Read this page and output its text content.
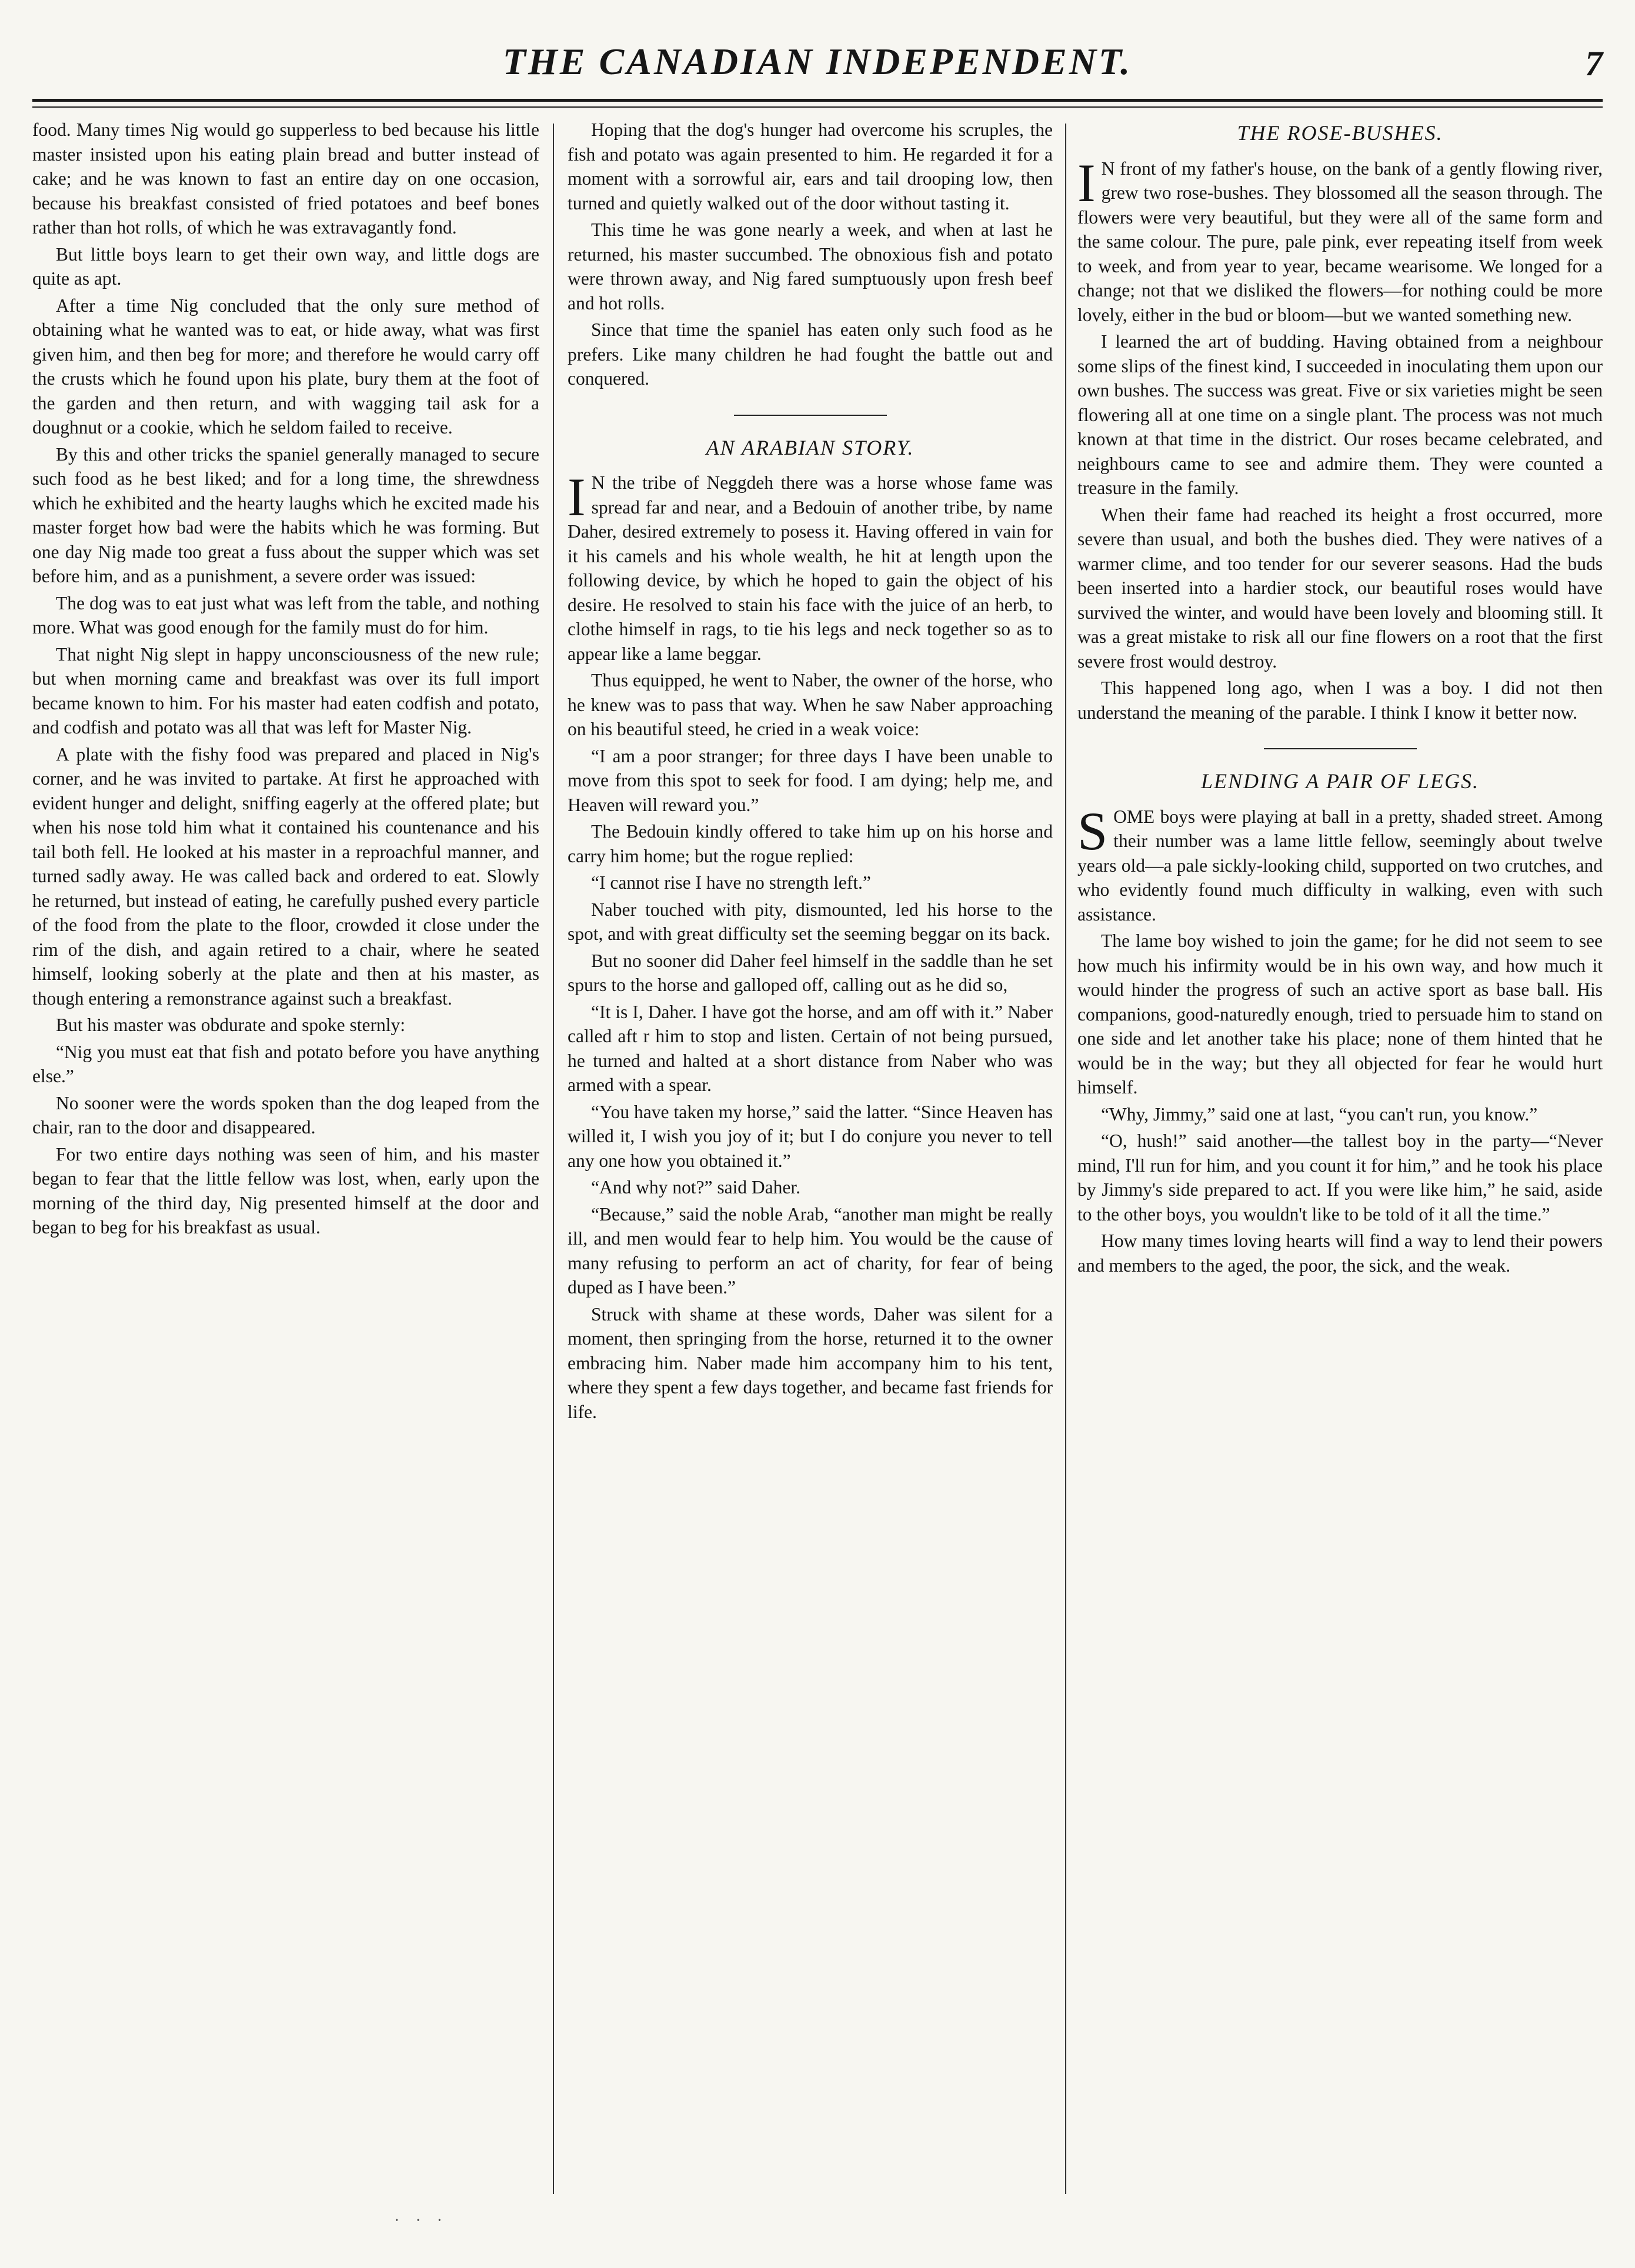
THE CANADIAN INDEPENDENT.	7

food. Many times Nig would go supperless to bed because his little master insisted upon his eating plain bread and butter instead of cake; and he was known to fast an entire day on one occasion, because his breakfast consisted of fried potatoes and beef bones rather than hot rolls, of which he was extravagantly fond.

But little boys learn to get their own way, and little dogs are quite as apt.

After a time Nig concluded that the only sure method of obtaining what he wanted was to eat, or hide away, what was first given him, and then beg for more; and therefore he would carry off the crusts which he found upon his plate, bury them at the foot of the garden and then return, and with wagging tail ask for a doughnut or a cookie, which he seldom failed to receive.

By this and other tricks the spaniel generally managed to secure such food as he best liked; and for a long time, the shrewdness which he exhibited and the hearty laughs which he excited made his master forget how bad were the habits which he was forming. But one day Nig made too great a fuss about the supper which was set before him, and as a punishment, a severe order was issued:

The dog was to eat just what was left from the table, and nothing more. What was good enough for the family must do for him.

That night Nig slept in happy unconsciousness of the new rule; but when morning came and breakfast was over its full import became known to him. For his master had eaten codfish and potato, and codfish and potato was all that was left for Master Nig.

A plate with the fishy food was prepared and placed in Nig's corner, and he was invited to partake. At first he approached with evident hunger and delight, sniffing eagerly at the offered plate; but when his nose told him what it contained his countenance and his tail both fell. He looked at his master in a reproachful manner, and turned sadly away. He was called back and ordered to eat. Slowly he returned, but instead of eating, he carefully pushed every particle of the food from the plate to the floor, crowded it close under the rim of the dish, and again retired to a chair, where he seated himself, looking soberly at the plate and then at his master, as though entering a remonstrance against such a breakfast.

But his master was obdurate and spoke sternly:

“Nig you must eat that fish and potato before you have anything else.”

No sooner were the words spoken than the dog leaped from the chair, ran to the door and disappeared.

For two entire days nothing was seen of him, and his master began to fear that the little fellow was lost, when, early upon the morning of the third day, Nig presented himself at the door and began to beg for his breakfast as usual.

Hoping that the dog's hunger had overcome his scruples, the fish and potato was again presented to him. He regarded it for a moment with a sorrowful air, ears and tail drooping low, then turned and quietly walked out of the door without tasting it.

This time he was gone nearly a week, and when at last he returned, his master succumbed. The obnoxious fish and potato were thrown away, and Nig fared sumptuously upon fresh beef and hot rolls.

Since that time the spaniel has eaten only such food as he prefers. Like many children he had fought the battle out and conquered.

AN ARABIAN STORY.

I N the tribe of Neggdeh there was a horse whose fame was spread far and near, and a Bedouin of another tribe, by name Daher, desired extremely to posess it. Having offered in vain for it his camels and his whole wealth, he hit at length upon the following device, by which he hoped to gain the object of his desire. He resolved to stain his face with the juice of an herb, to clothe himself in rags, to tie his legs and neck together so as to appear like a lame beggar.

Thus equipped, he went to Naber, the owner of the horse, who he knew was to pass that way. When he saw Naber approaching on his beautiful steed, he cried in a weak voice:

“I am a poor stranger; for three days I have been unable to move from this spot to seek for food. I am dying; help me, and Heaven will reward you.”

The Bedouin kindly offered to take him up on his horse and carry him home; but the rogue replied:

“I cannot rise I have no strength left.”

Naber touched with pity, dismounted, led his horse to the spot, and with great difficulty set the seeming beggar on its back.

But no sooner did Daher feel himself in the saddle than he set spurs to the horse and galloped off, calling out as he did so,

“It is I, Daher. I have got the horse, and am off with it.” Naber called aft r him to stop and listen. Certain of not being pursued, he turned and halted at a short distance from Naber who was armed with a spear.

“You have taken my horse,” said the latter. “Since Heaven has willed it, I wish you joy of it; but I do conjure you never to tell any one how you obtained it.”

“And why not?” said Daher.

“Because,” said the noble Arab, “another man might be really ill, and men would fear to help him. You would be the cause of many refusing to perform an act of charity, for fear of being duped as I have been.”

Struck with shame at these words, Daher was silent for a moment, then springing from the horse, returned it to the owner embracing him. Naber made him accompany him to his tent, where they spent a few days together, and became fast friends for life.

THE ROSE-BUSHES.

I N front of my father's house, on the bank of a gently flowing river, grew two rose-bushes. They blossomed all the season through. The flowers were very beautiful, but they were all of the same form and the same colour. The pure, pale pink, ever repeating itself from week to week, and from year to year, became wearisome. We longed for a change; not that we disliked the flowers—for nothing could be more lovely, either in the bud or bloom—but we wanted something new.

I learned the art of budding. Having obtained from a neighbour some slips of the finest kind, I succeeded in inoculating them upon our own bushes. The success was great. Five or six varieties might be seen flowering all at one time on a single plant. The process was not much known at that time in the district. Our roses became celebrated, and neighbours came to see and admire them. They were counted a treasure in the family.

When their fame had reached its height a frost occurred, more severe than usual, and both the bushes died. They were natives of a warmer clime, and too tender for our severer seasons. Had the buds been inserted into a hardier stock, our beautiful roses would have survived the winter, and would have been lovely and blooming still. It was a great mistake to risk all our fine flowers on a root that the first severe frost would destroy.

This happened long ago, when I was a boy. I did not then understand the meaning of the parable. I think I know it better now.

LENDING A PAIR OF LEGS.

SOME boys were playing at ball in a pretty, shaded street. Among their number was a lame little fellow, seemingly about twelve years old—a pale sickly-looking child, supported on two crutches, and who evidently found much difficulty in walking, even with such assistance.

The lame boy wished to join the game; for he did not seem to see how much his infirmity would be in his own way, and how much it would hinder the progress of such an active sport as base ball. His companions, good-naturedly enough, tried to persuade him to stand on one side and let another take his place; none of them hinted that he would be in the way; but they all objected for fear he would hurt himself.

“Why, Jimmy,” said one at last, “you can't run, you know.”

“O, hush!” said another—the tallest boy in the party—“Never mind, I'll run for him, and you count it for him,” and he took his place by Jimmy's side prepared to act. If you were like him,” he said, aside to the other boys, you wouldn't like to be told of it all the time.”

How many times loving hearts will find a way to lend their powers and members to the aged, the poor, the sick, and the weak.

· · ·
